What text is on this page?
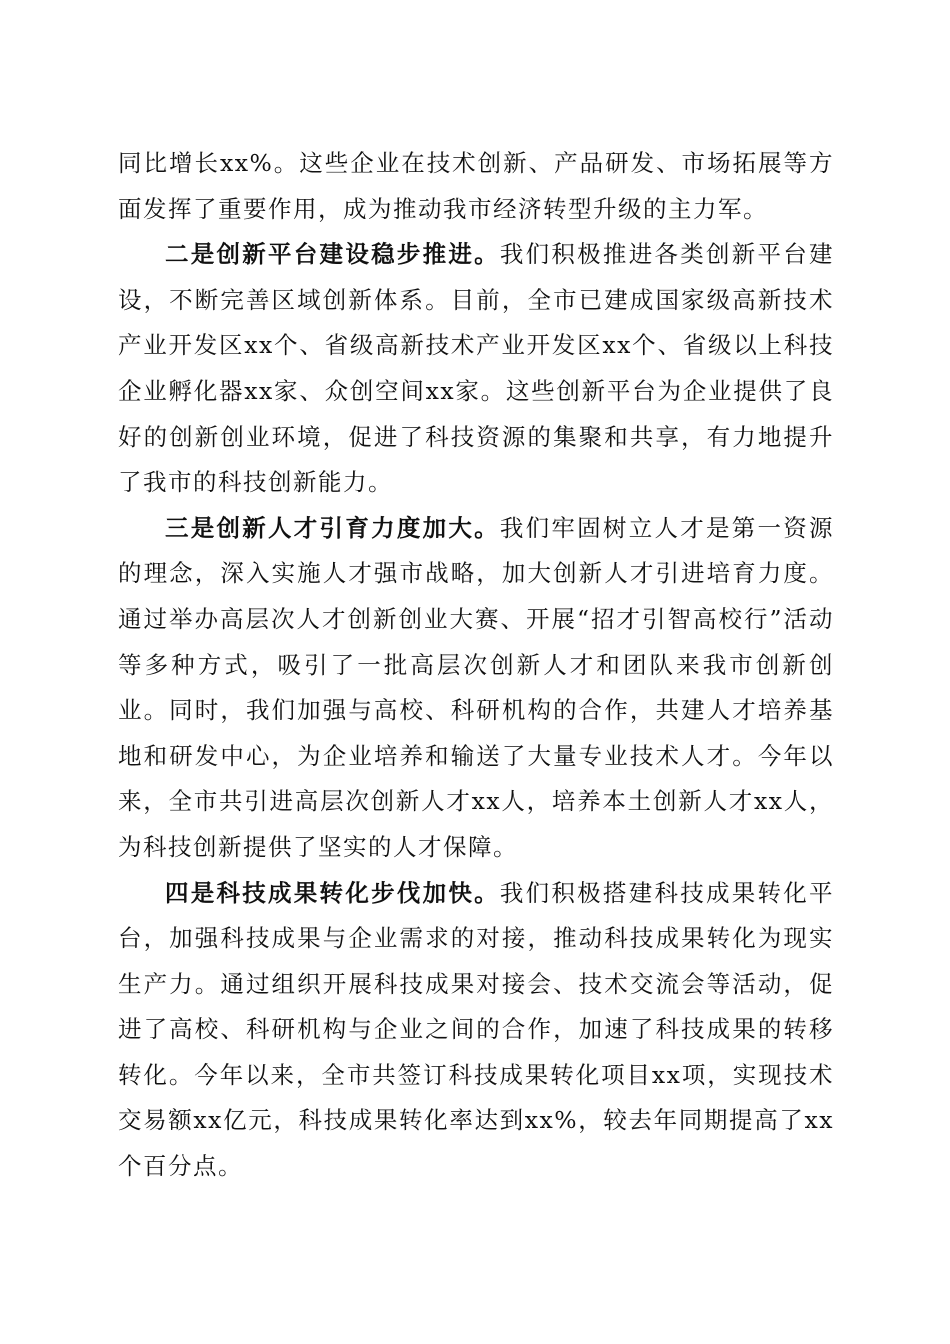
同比增长xx%。这些企业在技术创新、产品研发、市场拓展等方面发挥了重要作用，成为推动我市经济转型升级的主力军。

二是创新平台建设稳步推进。我们积极推进各类创新平台建设，不断完善区域创新体系。目前，全市已建成国家级高新技术产业开发区xx个、省级高新技术产业开发区xx个、省级以上科技企业孵化器xx家、众创空间xx家。这些创新平台为企业提供了良好的创新创业环境，促进了科技资源的集聚和共享，有力地提升了我市的科技创新能力。

三是创新人才引育力度加大。我们牢固树立人才是第一资源的理念，深入实施人才强市战略，加大创新人才引进培育力度。通过举办高层次人才创新创业大赛、开展“招才引智高校行”活动等多种方式，吸引了一批高层次创新人才和团队来我市创新创业。同时，我们加强与高校、科研机构的合作，共建人才培养基地和研发中心，为企业培养和输送了大量专业技术人才。今年以来，全市共引进高层次创新人才xx人，培养本土创新人才xx人，为科技创新提供了坚实的人才保障。

四是科技成果转化步伐加快。我们积极搭建科技成果转化平台，加强科技成果与企业需求的对接，推动科技成果转化为现实生产力。通过组织开展科技成果对接会、技术交流会等活动，促进了高校、科研机构与企业之间的合作，加速了科技成果的转移转化。今年以来，全市共签订科技成果转化项目xx项，实现技术交易额xx亿元，科技成果转化率达到xx%，较去年同期提高了xx个百分点。
